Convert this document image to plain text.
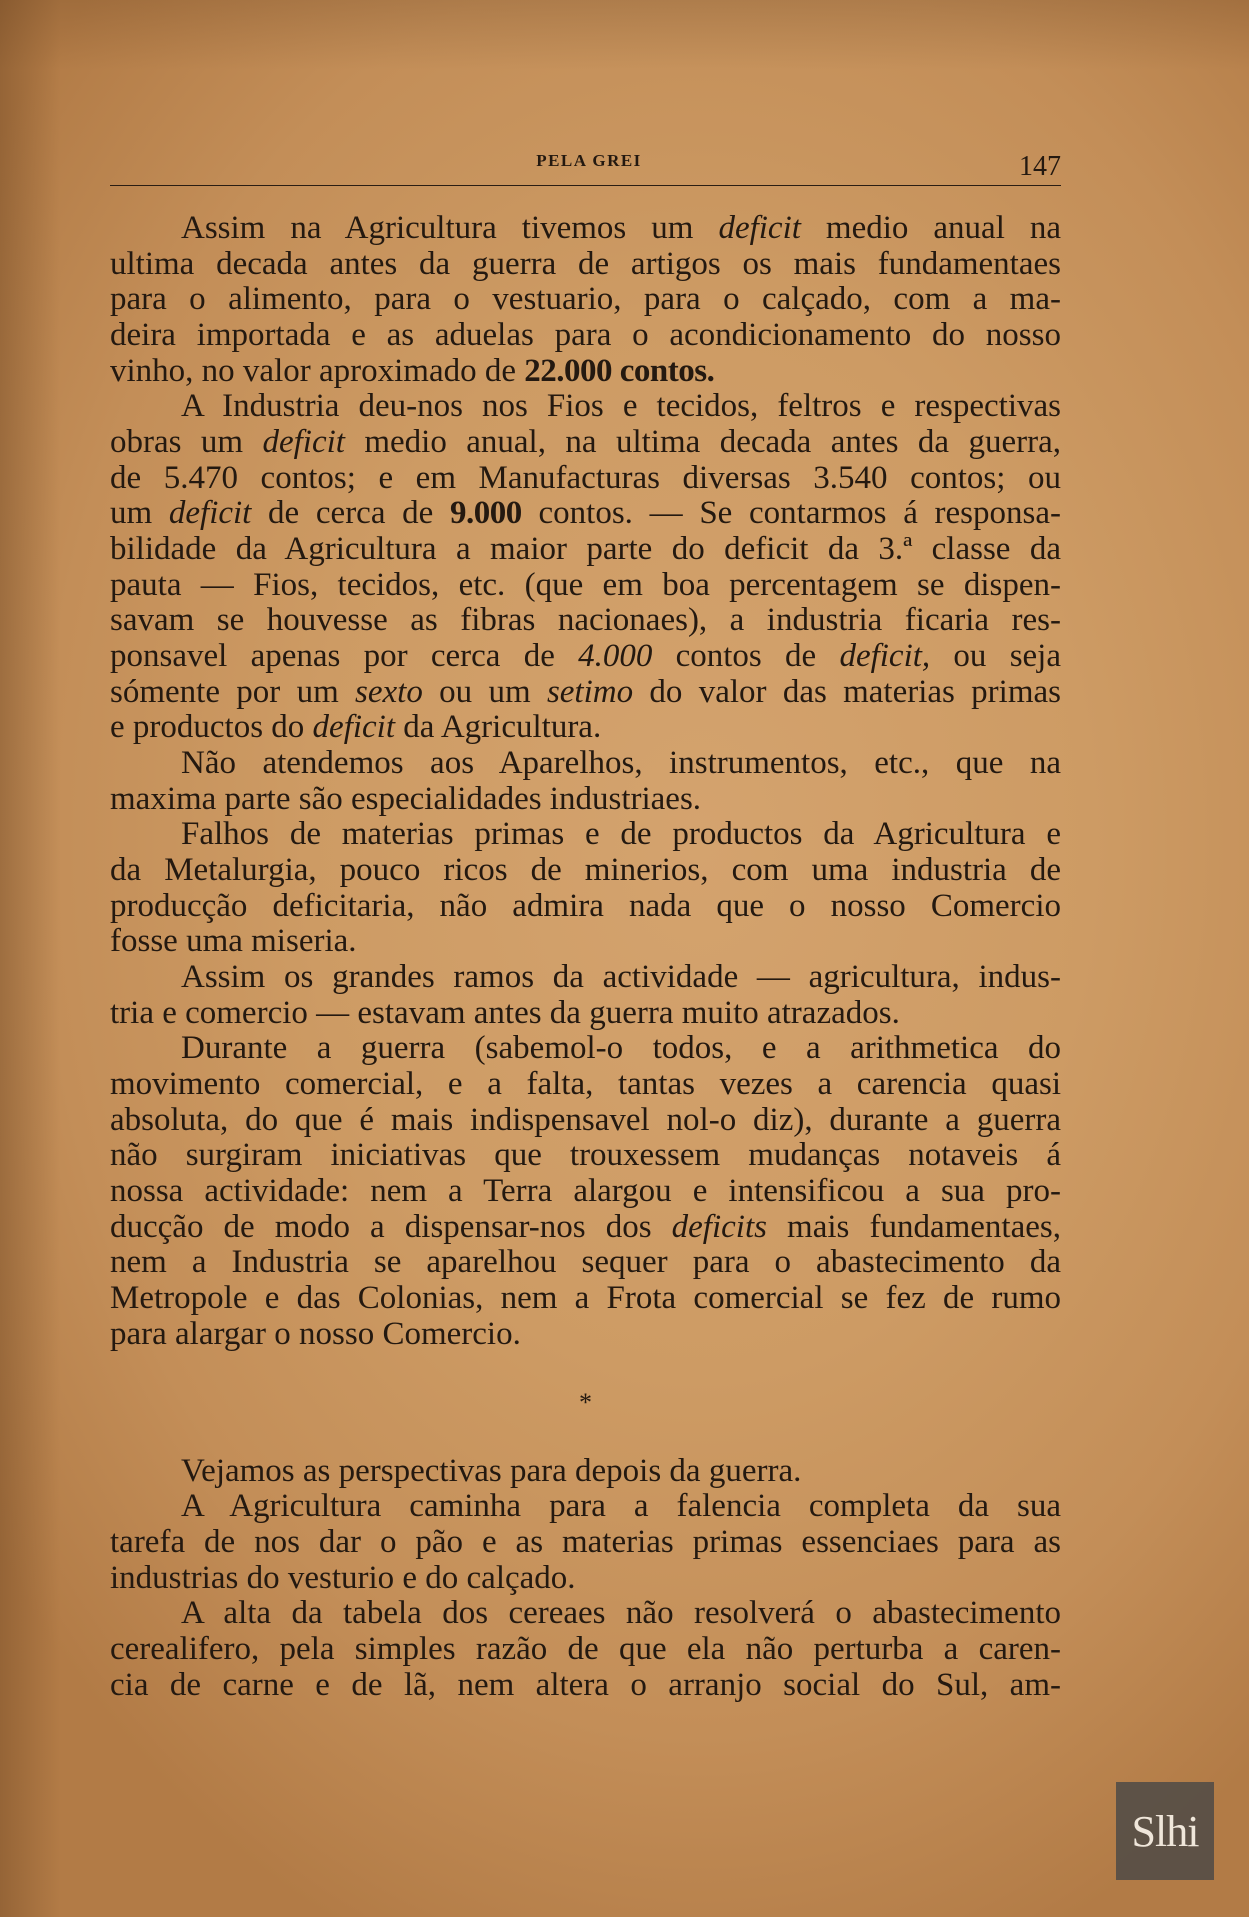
PELA GREI	147
Assim na Agricultura tivemos um deficit medio anual na
ultima decada antes da guerra de artigos os mais fundamentaes
para o alimento, para o vestuario, para o calçado, com a ma-
deira importada e as aduelas para o acondicionamento do nosso
vinho, no valor aproximado de 22.000 contos.
A Industria deu-nos nos Fios e tecidos, feltros e respectivas
obras um deficit medio anual, na ultima decada antes da guerra,
de 5.470 contos; e em Manufacturas diversas 3.540 contos; ou
um deficit de cerca de 9.000 contos. — Se contarmos á responsa-
bilidade da Agricultura a maior parte do deficit da 3.ª classe da
pauta — Fios, tecidos, etc. (que em boa percentagem se dispen-
savam se houvesse as fibras nacionaes), a industria ficaria res-
ponsavel apenas por cerca de 4.000 contos de deficit, ou seja
sómente por um sexto ou um setimo do valor das materias primas
e productos do deficit da Agricultura.
Não atendemos aos Aparelhos, instrumentos, etc., que na
maxima parte são especialidades industriaes.
Falhos de materias primas e de productos da Agricultura e
da Metalurgia, pouco ricos de minerios, com uma industria de
producção deficitaria, não admira nada que o nosso Comercio
fosse uma miseria.
Assim os grandes ramos da actividade — agricultura, indus-
tria e comercio — estavam antes da guerra muito atrazados.
Durante a guerra (sabemol-o todos, e a arithmetica do
movimento comercial, e a falta, tantas vezes a carencia quasi
absoluta, do que é mais indispensavel nol-o diz), durante a guerra
não surgiram iniciativas que trouxessem mudanças notaveis á
nossa actividade: nem a Terra alargou e intensificou a sua pro-
ducção de modo a dispensar-nos dos deficits mais fundamentaes,
nem a Industria se aparelhou sequer para o abastecimento da
Metropole e das Colonias, nem a Frota comercial se fez de rumo
para alargar o nosso Comercio.
*
Vejamos as perspectivas para depois da guerra.
A Agricultura caminha para a falencia completa da sua
tarefa de nos dar o pão e as materias primas essenciaes para as
industrias do vesturio e do calçado.
A alta da tabela dos cereaes não resolverá o abastecimento
cerealifero, pela simples razão de que ela não perturba a caren-
cia de carne e de lã, nem altera o arranjo social do Sul, am-
Slhi
